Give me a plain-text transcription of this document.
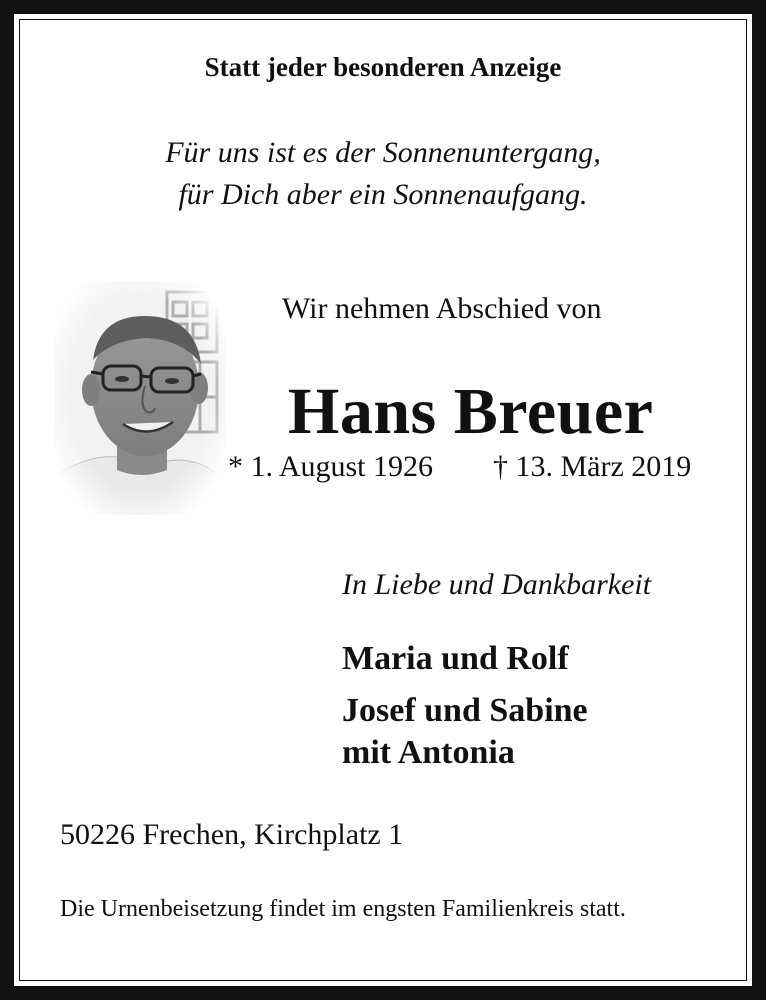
Statt jeder besonderen Anzeige
Für uns ist es der Sonnenuntergang,
für Dich aber ein Sonnenaufgang.
Wir nehmen Abschied von
Hans Breuer
* 1. August 1926 † 13. März 2019
In Liebe und Dankbarkeit
Maria und Rolf
Josef und Sabine
mit Antonia
50226 Frechen, Kirchplatz 1
Die Urnenbeisetzung findet im engsten Familienkreis statt.
